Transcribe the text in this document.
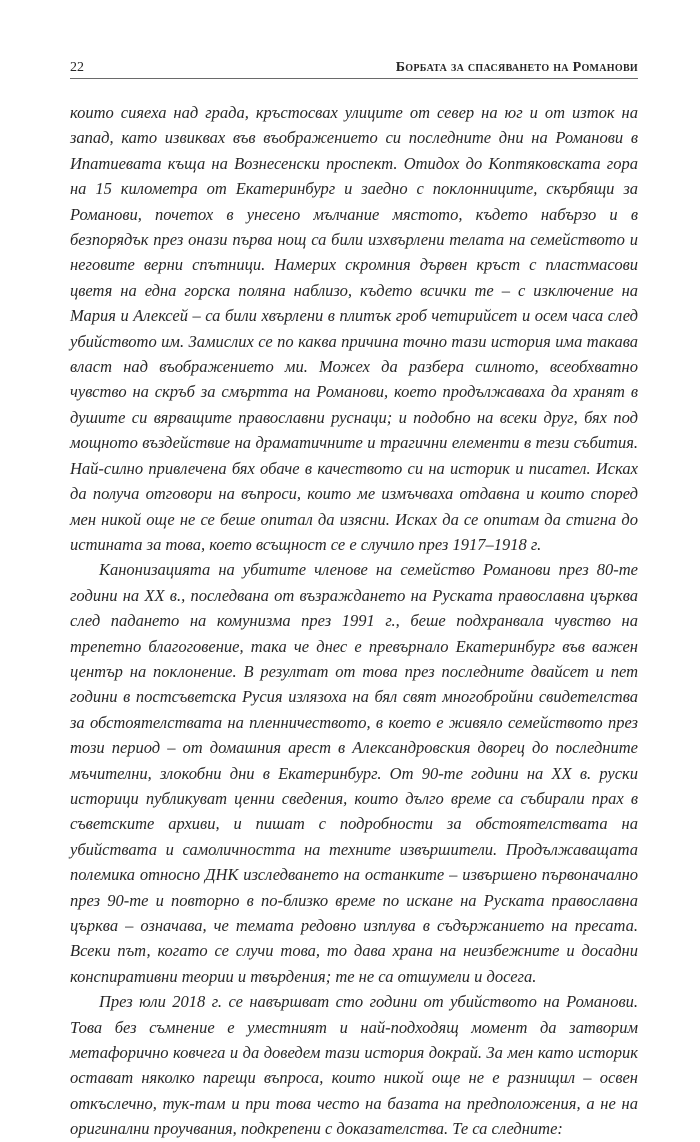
22	Борбата за спасяването на Романови

които сияеха над града, кръстосвах улиците от север на юг и от изток на запад, като извиквах във въображението си последните дни на Романови в Ипатиевата къща на Вознесенски проспект. Отидох до Коптяковската гора на 15 километра от Екатеринбург и заедно с поклонниците, скърбящи за Романови, почетох в унесено мълчание мястото, където набързо и в безпорядък през онази първа нощ са били изхвърлени телата на семейството и неговите верни спътници. Намерих скромния дървен кръст с пластмасови цветя на една горска поляна наблизо, където всички те – с изключение на Мария и Алексей – са били хвърлени в плитък гроб четирийсет и осем часа след убийството им. Замислих се по каква причина точно тази история има такава власт над въображението ми. Можех да разбера силното, всеобхватно чувство на скръб за смъртта на Романови, което продължаваха да хранят в душите си вярващите православни руснаци; и подобно на всеки друг, бях под мощното въздействие на драматичните и трагични елементи в тези събития. Най-силно привлечена бях обаче в качеството си на историк и писател. Исках да получа отговори на въпроси, които ме измъчваха отдавна и които според мен никой още не се беше опитал да изясни. Исках да се опитам да стигна до истината за това, което всъщност се е случило през 1917–1918 г.

Канонизацията на убитите членове на семейство Романови през 80-те години на XX в., последвана от възраждането на Руската православна църква след падането на комунизма през 1991 г., беше подхранвала чувство на трепетно благоговение, така че днес е превърнало Екатеринбург във важен център на поклонение. В резултат от това през последните двайсет и пет години в постсъветска Русия излязоха на бял свят многобройни свидетелства за обстоятелствата на пленничеството, в което е живяло семейството през този период – от домашния арест в Александровския дворец до последните мъчителни, злокобни дни в Екатеринбург. От 90-те години на XX в. руски историци публикуват ценни сведения, които дълго време са събирали прах в съветските архиви, и пишат с подробности за обстоятелствата на убийствата и самоличността на техните извършители. Продължаващата полемика относно ДНК изследването на останките – извършено първоначално през 90-те и повторно в по-близко време по искане на Руската православна църква – означава, че темата редовно изплува в съдържанието на пресата. Всеки път, когато се случи това, то дава храна на неизбежните и досадни конспиративни теории и твърдения; те не са отшумели и досега.

През юли 2018 г. се навършват сто години от убийството на Романови. Това без съмнение е уместният и най-подходящ момент да затворим метафорично ковчега и да доведем тази история докрай. За мен като историк остават няколко парещи въпроса, които никой още не е разнищил – освен откъслечно, тук-там и при това често на базата на предположения, а не на оригинални проучвания, подкрепени с доказателства. Те са следните:
